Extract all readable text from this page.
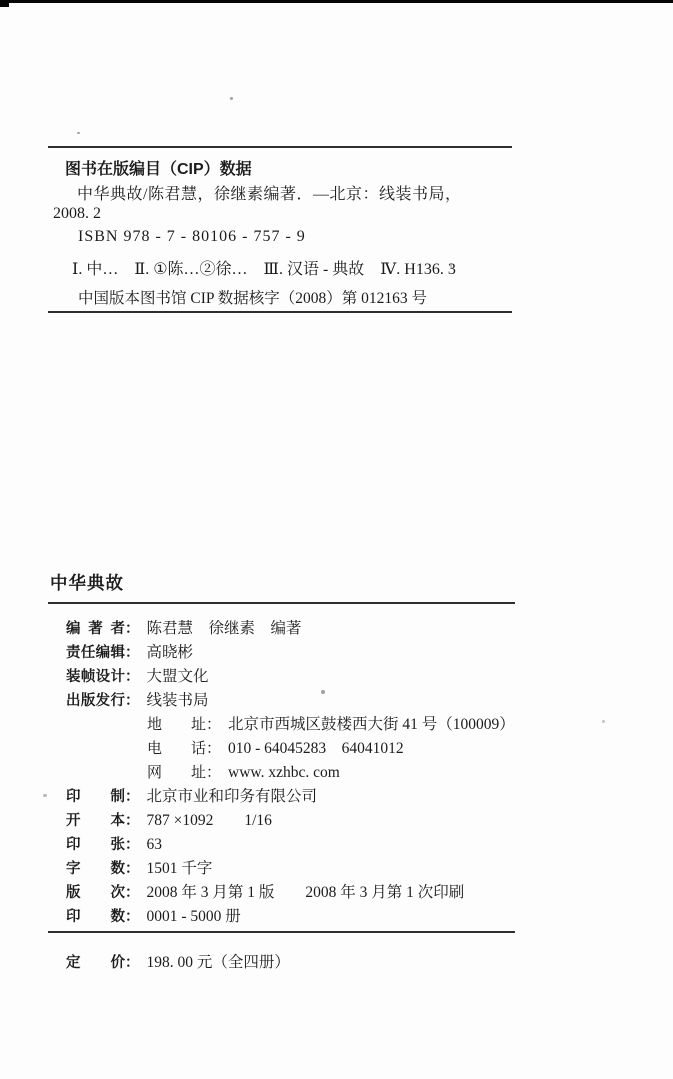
图书在版编目（CIP）数据
中华典故/陈君慧，徐继素编著．—北京：线装书局，
2008. 2
ISBN 978 - 7 - 80106 - 757 - 9
Ⅰ. 中…　Ⅱ. ①陈…②徐…　Ⅲ. 汉语 - 典故　Ⅳ. H136. 3
中国版本图书馆 CIP 数据核字（2008）第 012163 号
中华典故
编 著 者 ： 陈君慧　徐继素　编著
责 任 编 辑 ： 高晓彬
装 帧 设 计 ： 大盟文化
出 版 发 行 ： 线装书局
地 址 ： 北京市西城区鼓楼西大街 41 号（100009）
电 话 ： 010 - 64045283　64041012
网 址 ： www. xzhbc. com
印 制 ： 北京市业和印务有限公司
开 本 ： 787 ×1092　　1/16
印 张 ： 63
字 数 ： 1501 千字
版 次 ： 2008 年 3 月第 1 版　　2008 年 3 月第 1 次印刷
印 数 ： 0001 - 5000 册
定 价 ： 198. 00 元（全四册）
